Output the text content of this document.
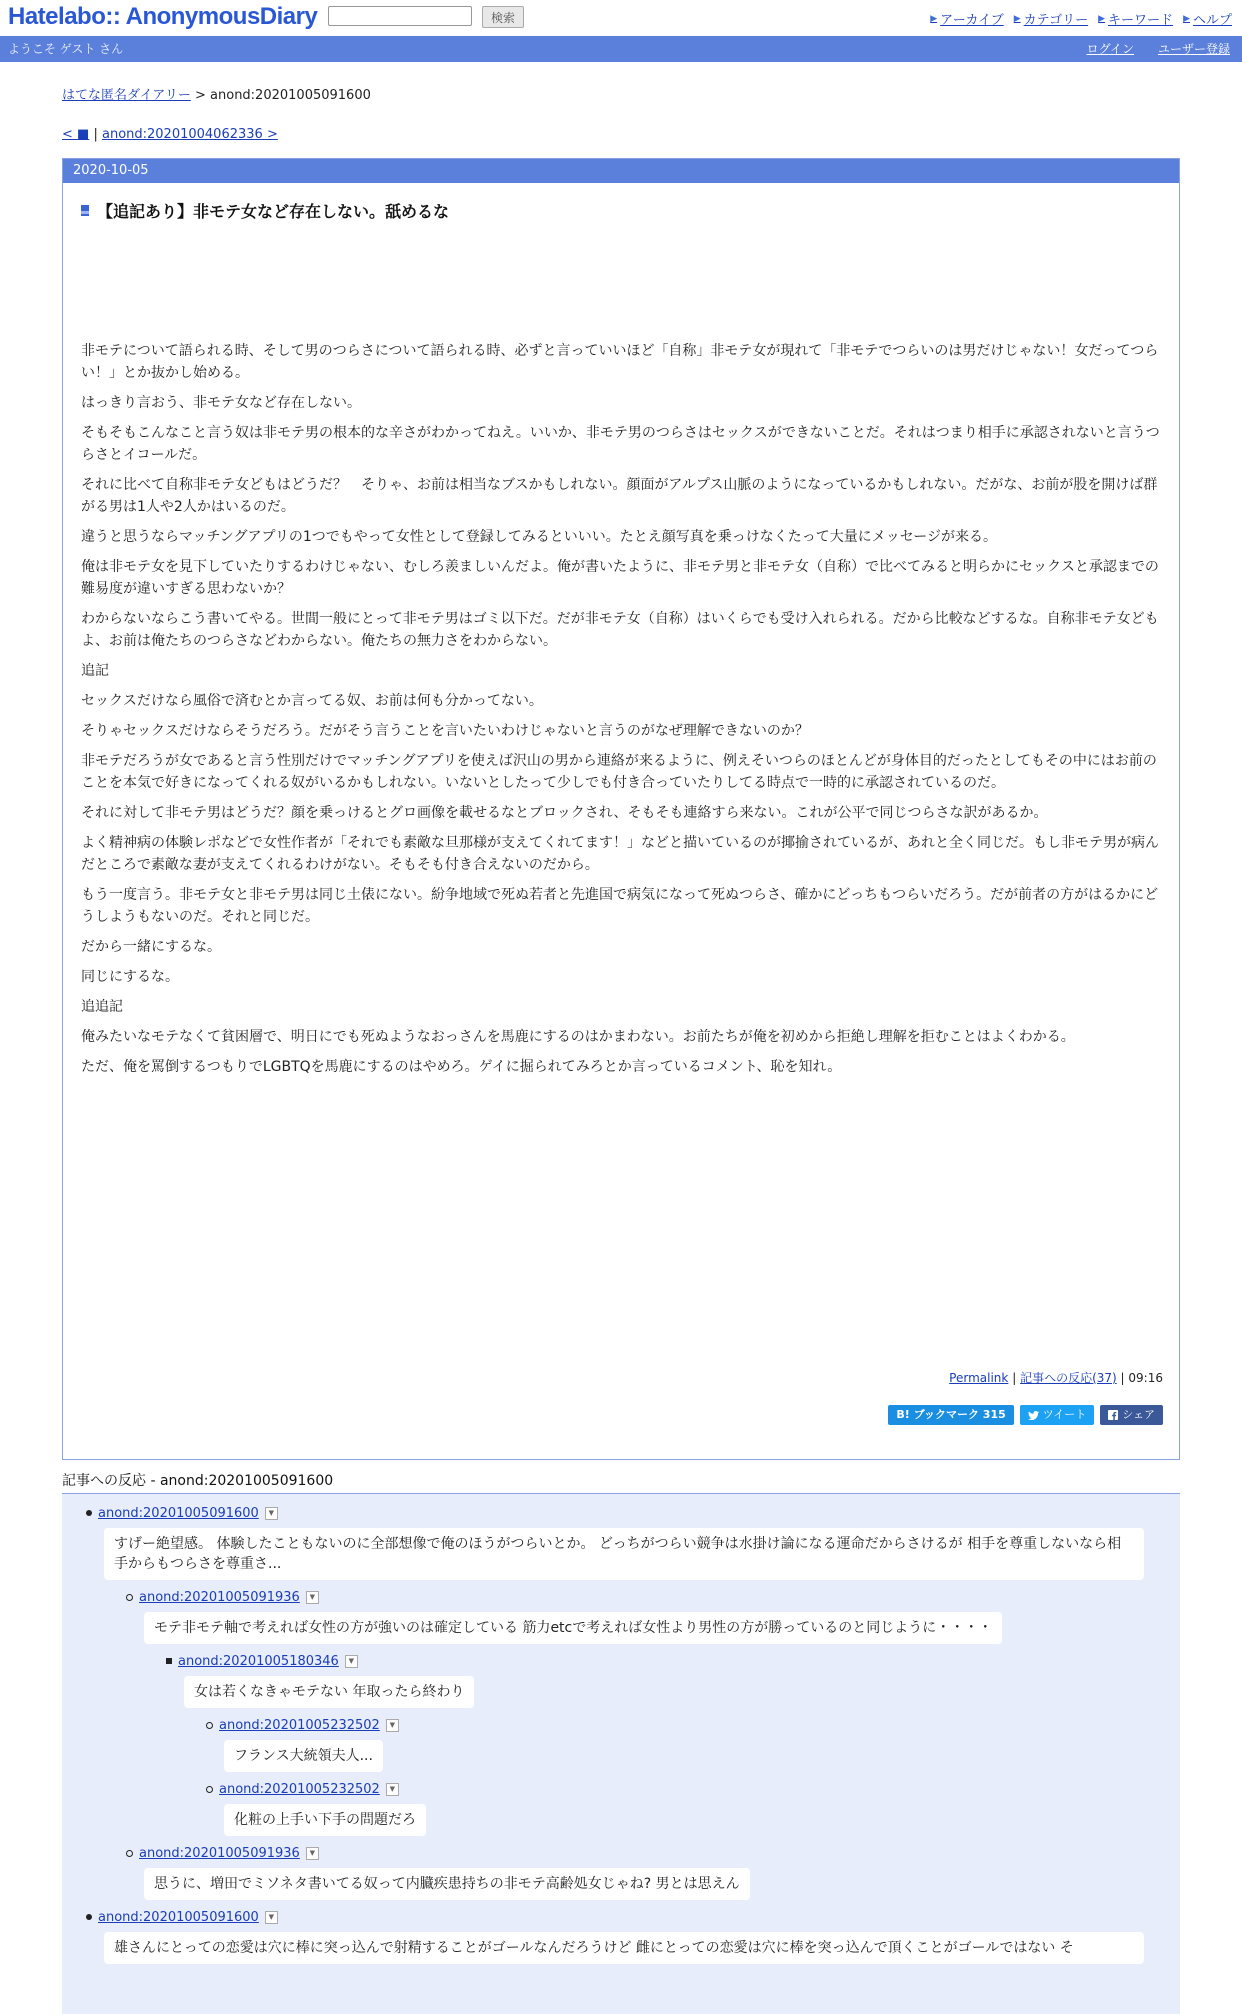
Hatelabo:: AnonymousDiary	検索	▶ アーカイブ ▶ カテゴリー ▶ キーワード ▶ ヘルプ
ようこそ ゲスト さん	ログイン ユーザー登録
はてな匿名ダイアリー > anond:20201005091600
< ■ | anond:20201004062336 >
2020-10-05
【追記あり】非モテ女など存在しない。舐めるな

非モテについて語られる時、そして男のつらさについて語られる時、必ずと言っていいほど「自称」非モテ女が現れて「非モテでつらいのは男だけじゃない！女だってつらい！」とか抜かし始める。

はっきり言おう、非モテ女など存在しない。

そもそもこんなこと言う奴は非モテ男の根本的な辛さがわかってねえ。いいか、非モテ男のつらさはセックスができないことだ。それはつまり相手に承認されないと言うつらさとイコールだ。

それに比べて自称非モテ女どもはどうだ？　そりゃ、お前は相当なブスかもしれない。顔面がアルプス山脈のようになっているかもしれない。だがな、お前が股を開けば群がる男は1人や2人かはいるのだ。

違うと思うならマッチングアプリの1つでもやって女性として登録してみるといいい。たとえ顔写真を乗っけなくたって大量にメッセージが来る。

俺は非モテ女を見下していたりするわけじゃない、むしろ羨ましいんだよ。俺が書いたように、非モテ男と非モテ女（自称）で比べてみると明らかにセックスと承認までの難易度が違いすぎる思わないか？

わからないならこう書いてやる。世間一般にとって非モテ男はゴミ以下だ。だが非モテ女（自称）はいくらでも受け入れられる。だから比較などするな。自称非モテ女どもよ、お前は俺たちのつらさなどわからない。俺たちの無力さをわからない。

追記

セックスだけなら風俗で済むとか言ってる奴、お前は何も分かってない。

そりゃセックスだけならそうだろう。だがそう言うことを言いたいわけじゃないと言うのがなぜ理解できないのか？

非モテだろうが女であると言う性別だけでマッチングアプリを使えば沢山の男から連絡が来るように、例えそいつらのほとんどが身体目的だったとしてもその中にはお前のことを本気で好きになってくれる奴がいるかもしれない。いないとしたって少しでも付き合っていたりしてる時点で一時的に承認されているのだ。

それに対して非モテ男はどうだ？顔を乗っけるとグロ画像を載せるなとブロックされ、そもそも連絡すら来ない。これが公平で同じつらさな訳があるか。

よく精神病の体験レポなどで女性作者が「それでも素敵な旦那様が支えてくれてます！」などと描いているのが揶揄されているが、あれと全く同じだ。もし非モテ男が病んだところで素敵な妻が支えてくれるわけがない。そもそも付き合えないのだから。

もう一度言う。非モテ女と非モテ男は同じ土俵にない。紛争地域で死ぬ若者と先進国で病気になって死ぬつらさ、確かにどっちもつらいだろう。だが前者の方がはるかにどうしようもないのだ。それと同じだ。

だから一緒にするな。

同じにするな。

追追記

俺みたいなモテなくて貧困層で、明日にでも死ぬようなおっさんを馬鹿にするのはかまわない。お前たちが俺を初めから拒絶し理解を拒むことはよくわかる。

ただ、俺を罵倒するつもりでLGBTQを馬鹿にするのはやめろ。ゲイに掘られてみろとか言っているコメント、恥を知れ。

Permalink | 記事への反応(37) | 09:16
B! ブックマーク 315	ツイート	シェア
記事への反応 - anond:20201005091600
anond:20201005091600	▼
すげー絶望感。 体験したこともないのに全部想像で俺のほうがつらいとか。 どっちがつらい競争は水掛け論になる運命だからさけるが 相手を尊重しないなら相手からもつらさを尊重さ...
anond:20201005091936	▼
モテ非モテ軸で考えれば女性の方が強いのは確定している 筋力etcで考えれば女性より男性の方が勝っているのと同じように・・・・
anond:20201005180346	▼
女は若くなきゃモテない 年取ったら終わり
anond:20201005232502	▼
フランス大統領夫人...
anond:20201005232502	▼
化粧の上手い下手の問題だろ
anond:20201005091936	▼
思うに、増田でミソネタ書いてる奴って内臓疾患持ちの非モテ高齢処女じゃね? 男とは思えん
anond:20201005091600	▼
雄さんにとっての恋愛は穴に棒に突っ込んで射精することがゴールなんだろうけど 雌にとっての恋愛は穴に棒を突っ込んで頂くことがゴールではない そ
